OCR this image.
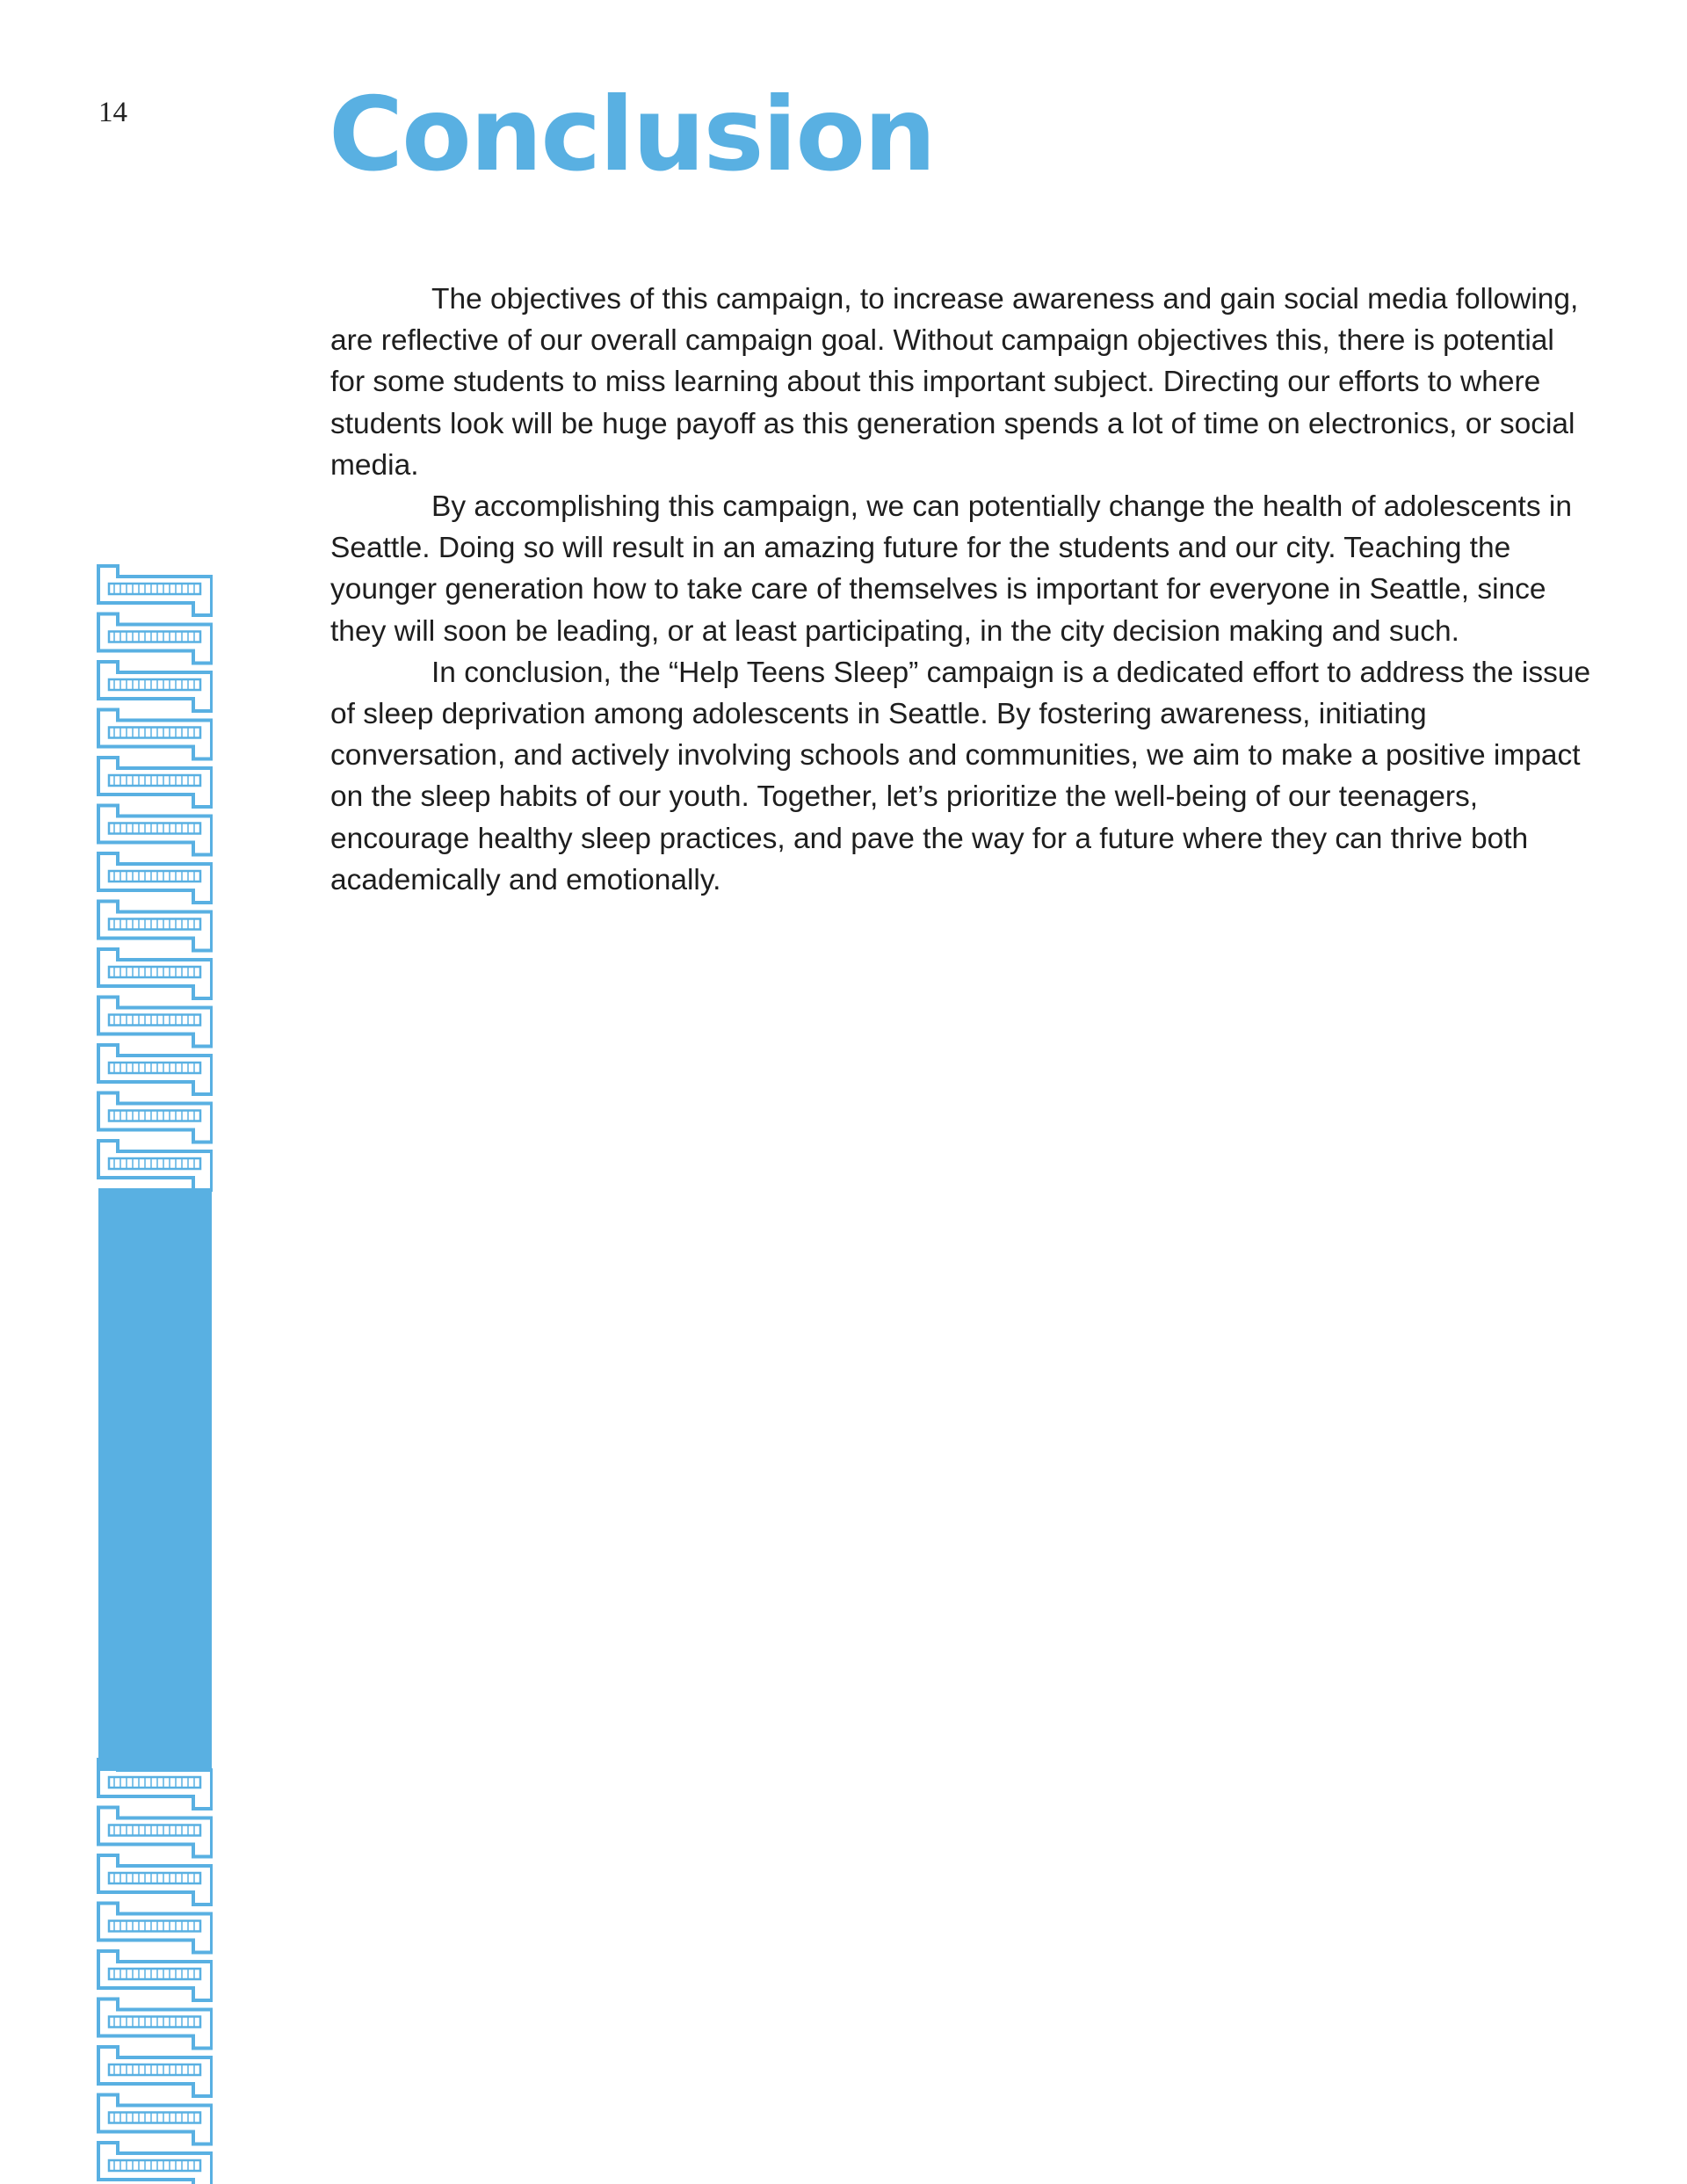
14 Conclusion

The objectives of this campaign, to increase awareness and gain social media following, are reflective of our overall campaign goal. Without campaign objectives this, there is potential for some students to miss learning about this important subject. Directing our efforts to where students look will be huge payoff as this generation spends a lot of time on electronics, or social media.

By accomplishing this campaign, we can potentially change the health of adolescents in Seattle. Doing so will result in an amazing future for the students and our city. Teaching the younger generation how to take care of themselves is important for everyone in Seattle, since they will soon be leading, or at least participating, in the city decision making and such.

In conclusion, the “Help Teens Sleep” campaign is a dedicated effort to address the issue of sleep deprivation among adolescents in Seattle. By fostering awareness, initiating conversation, and actively involving schools and communities, we aim to make a positive impact on the sleep habits of our youth. Together, let’s prioritize the well-being of our teenagers, encourage healthy sleep practices, and pave the way for a future where they can thrive both academically and emotionally.
